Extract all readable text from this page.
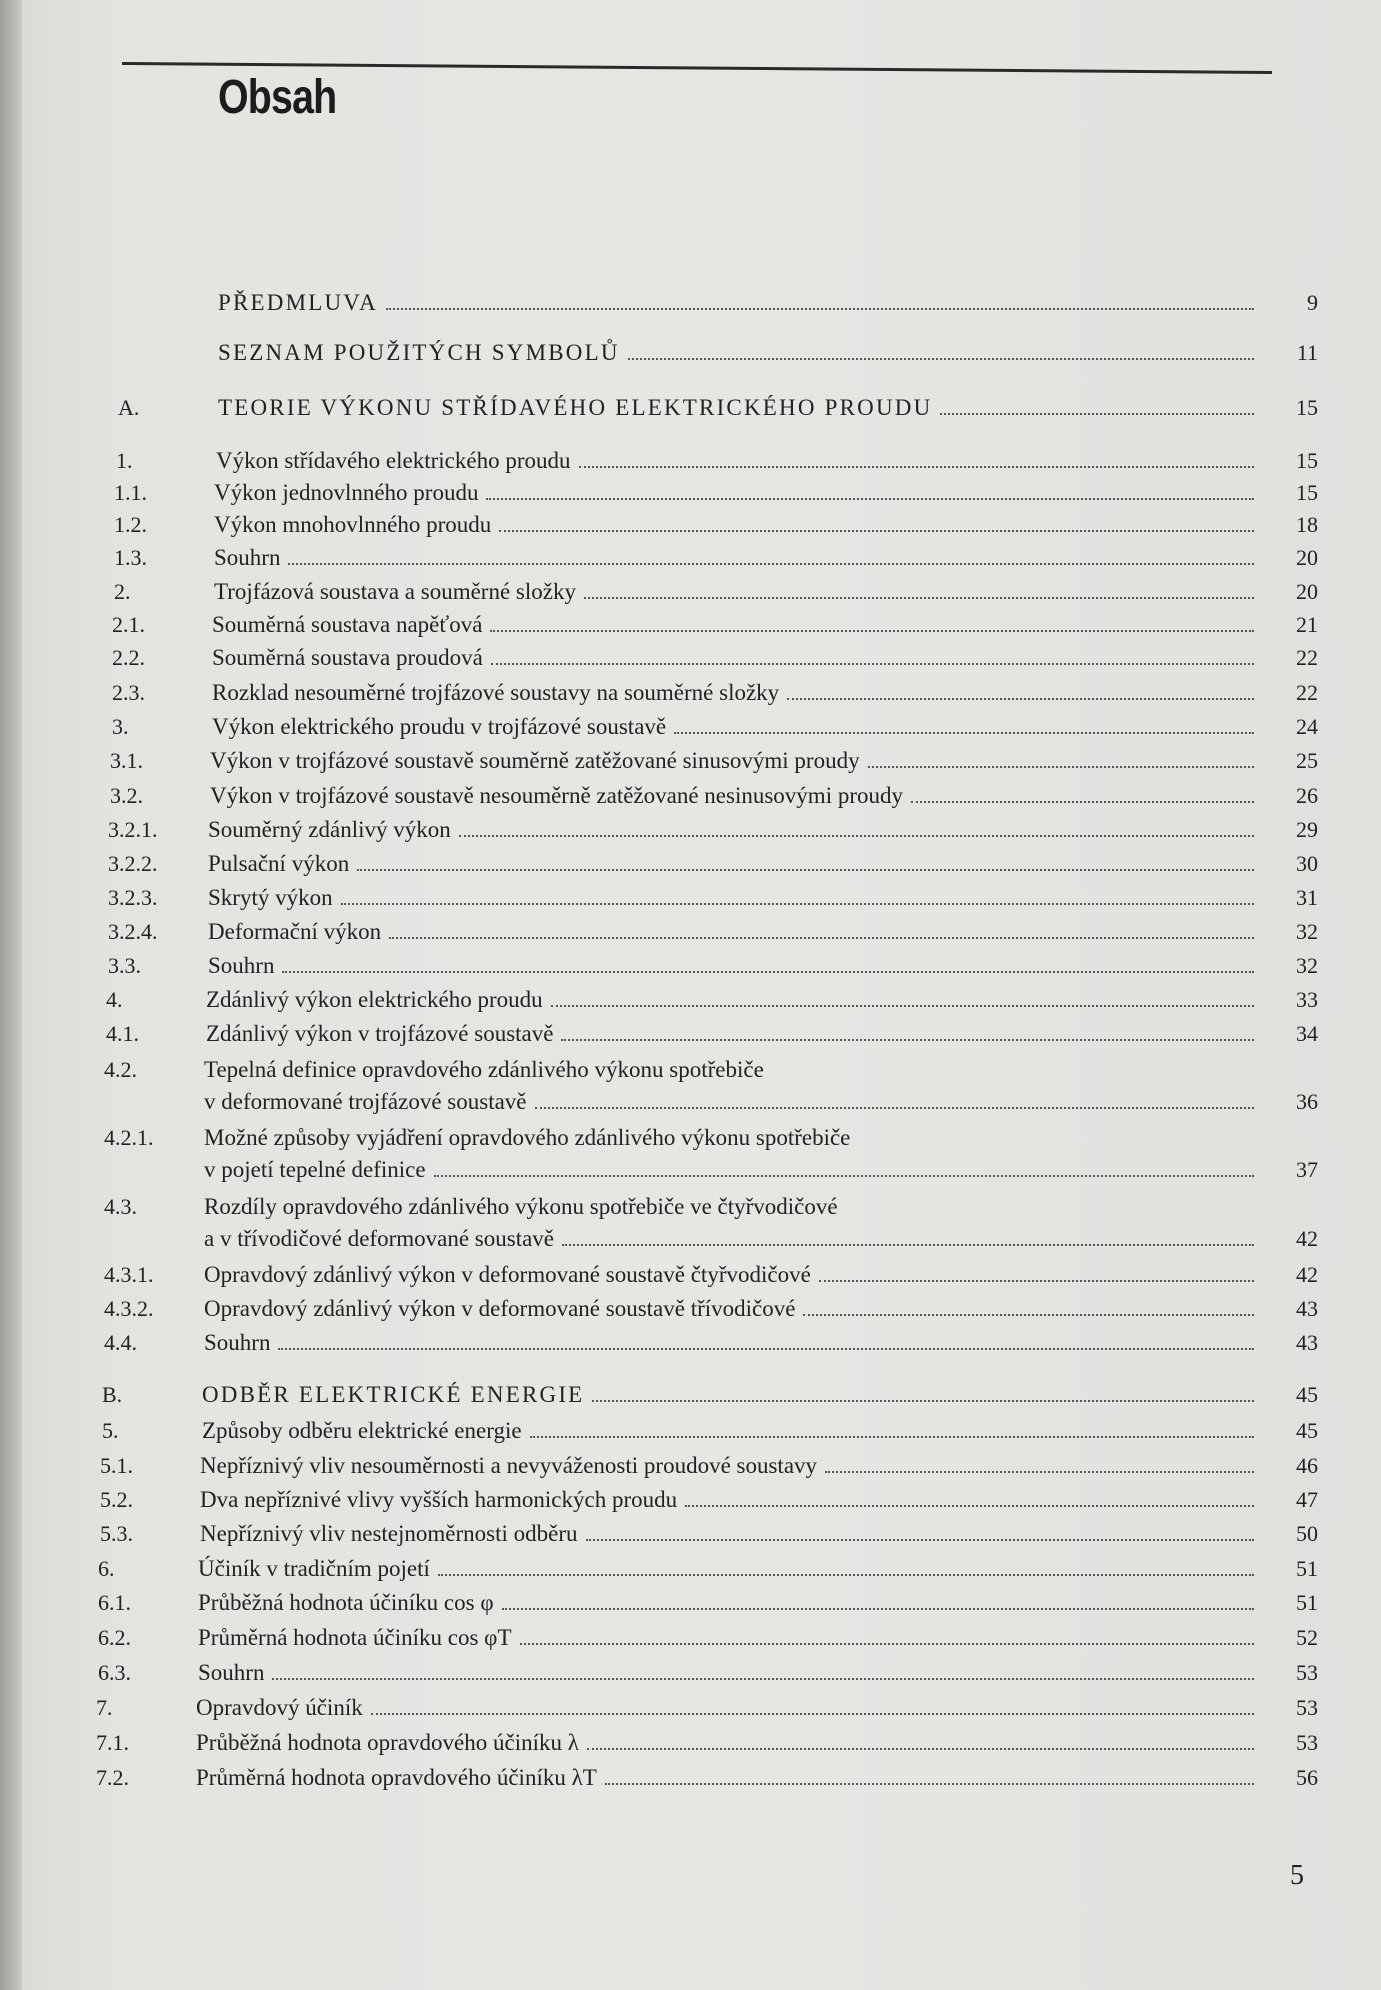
Obsah
PŘEDMLUVA	9
SEZNAM POUŽITÝCH SYMBOLŮ	11
A.	TEORIE VÝKONU STŘÍDAVÉHO ELEKTRICKÉHO PROUDU	15
1.	Výkon střídavého elektrického proudu	15
1.1.	Výkon jednovlnného proudu	15
1.2.	Výkon mnohovlnného proudu	18
1.3.	Souhrn	20
2.	Trojfázová soustava a souměrné složky	20
2.1.	Souměrná soustava napěťová	21
2.2.	Souměrná soustava proudová	22
2.3.	Rozklad nesouměrné trojfázové soustavy na souměrné složky	22
3.	Výkon elektrického proudu v trojfázové soustavě	24
3.1.	Výkon v trojfázové soustavě souměrně zatěžované sinusovými proudy	25
3.2.	Výkon v trojfázové soustavě nesouměrně zatěžované nesinusovými proudy	26
3.2.1.	Souměrný zdánlivý výkon	29
3.2.2.	Pulsační výkon	30
3.2.3.	Skrytý výkon	31
3.2.4.	Deformační výkon	32
3.3.	Souhrn	32
4.	Zdánlivý výkon elektrického proudu	33
4.1.	Zdánlivý výkon v trojfázové soustavě	34
4.2.	Tepelná definice opravdového zdánlivého výkonu spotřebiče
v deformované trojfázové soustavě	36
4.2.1.	Možné způsoby vyjádření opravdového zdánlivého výkonu spotřebiče
v pojetí tepelné definice	37
4.3.	Rozdíly opravdového zdánlivého výkonu spotřebiče ve čtyřvodičové
a v třívodičové deformované soustavě	42
4.3.1.	Opravdový zdánlivý výkon v deformované soustavě čtyřvodičové	42
4.3.2.	Opravdový zdánlivý výkon v deformované soustavě třívodičové	43
4.4.	Souhrn	43
B.	ODBĚR ELEKTRICKÉ ENERGIE	45
5.	Způsoby odběru elektrické energie	45
5.1.	Nepříznivý vliv nesouměrnosti a nevyváženosti proudové soustavy	46
5.2.	Dva nepříznivé vlivy vyšších harmonických proudu	47
5.3.	Nepříznivý vliv nestejnoměrnosti odběru	50
6.	Účiník v tradičním pojetí	51
6.1.	Průběžná hodnota účiníku cos φ	51
6.2.	Průměrná hodnota účiníku cos φT	52
6.3.	Souhrn	53
7.	Opravdový účiník	53
7.1.	Průběžná hodnota opravdového účiníku λ	53
7.2.	Průměrná hodnota opravdového účiníku λT	56
5
